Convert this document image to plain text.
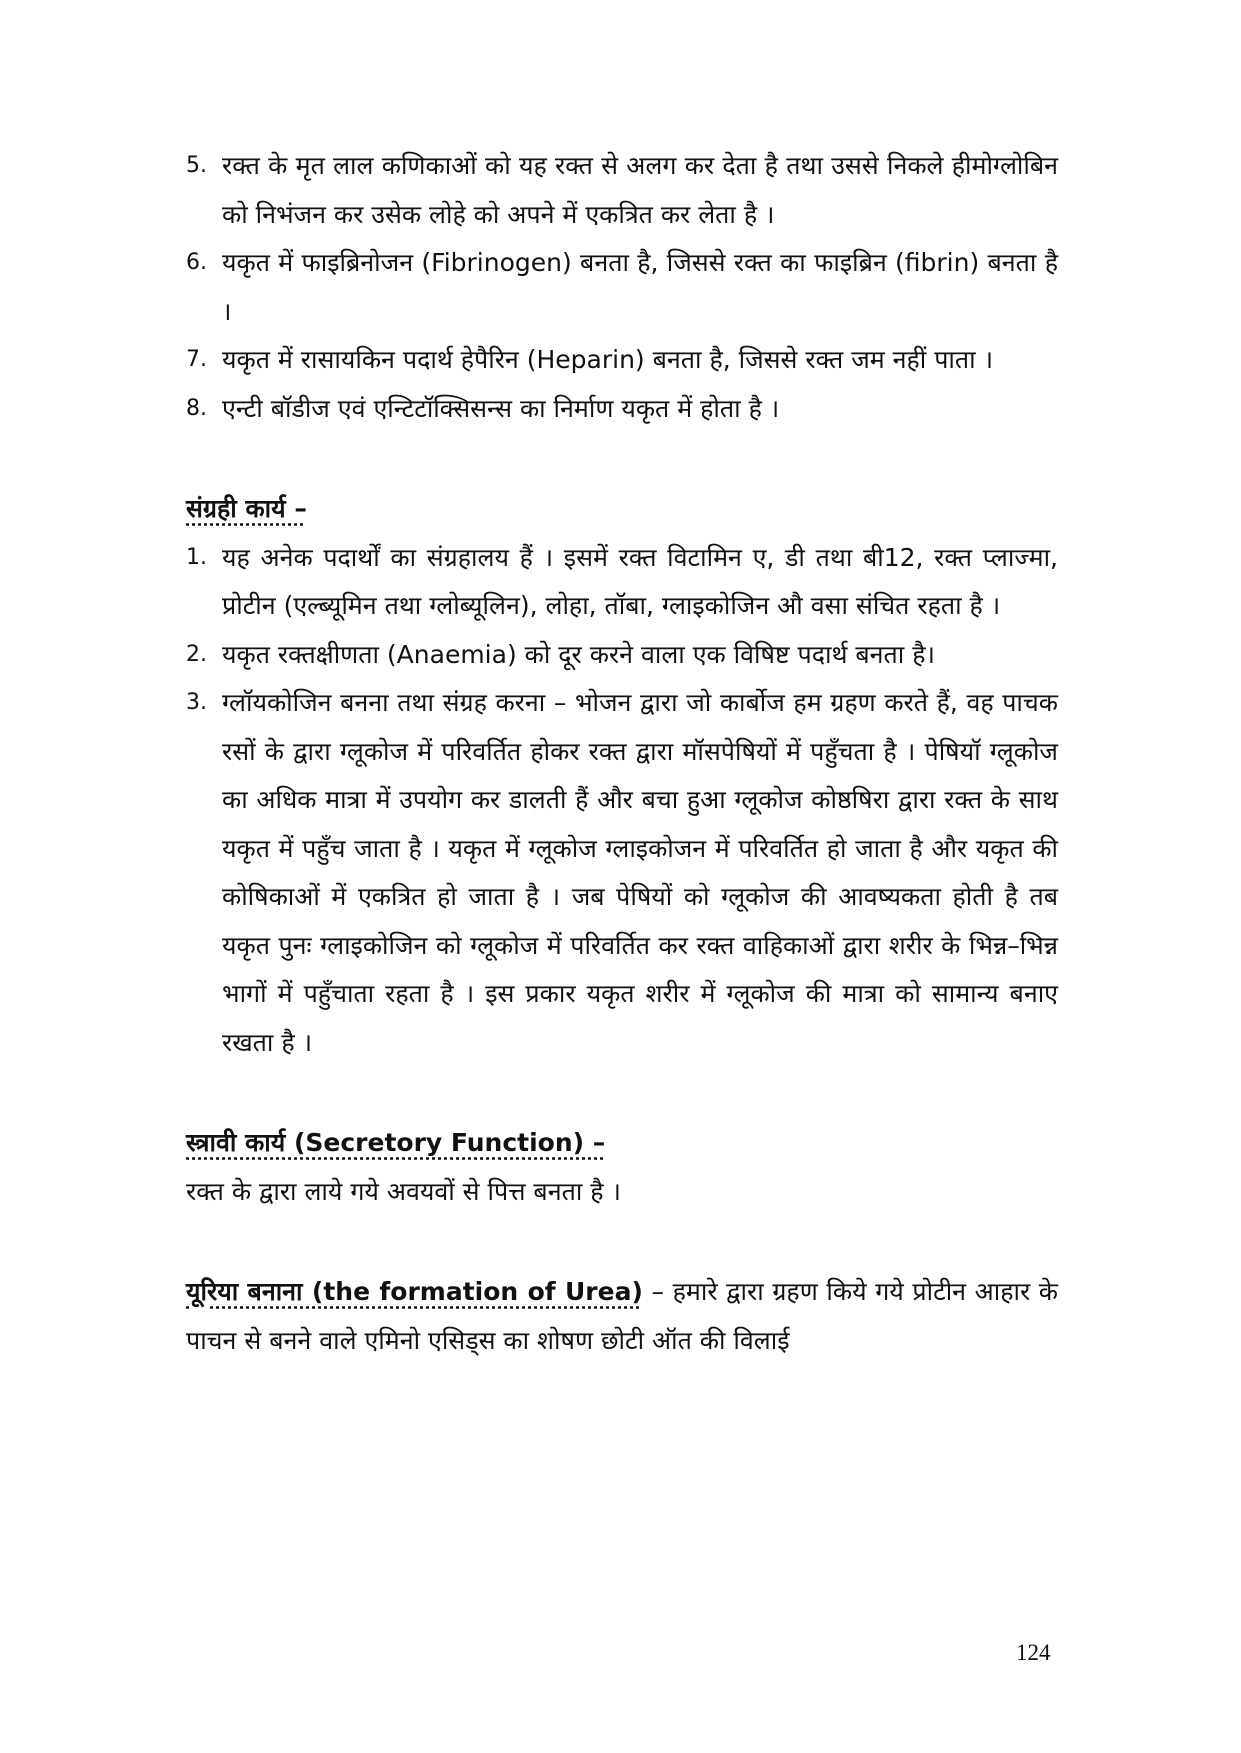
5. रक्त के मृत लाल कणिकाओं को यह रक्त से अलग कर देता है तथा उससे निकले हीमोग्लोबिन को निभंजन कर उसेक लोहे को अपने में एकत्रित कर लेता है ।
6. यकृत में फाइब्रिनोजन (Fibrinogen) बनता है, जिससे रक्त का फाइब्रिन (fibrin) बनता है ।
7. यकृत में रासायकिन पदार्थ हेपैरिन (Heparin) बनता है, जिससे रक्त जम नहीं पाता ।
8. एन्टी बॉडीज एवं एन्टिटॉक्सिसन्स का निर्माण यकृत में होता है ।
संग्रही कार्य –
1. यह अनेक पदार्थों का संग्रहालय हैं । इसमें रक्त विटामिन ए, डी तथा बी12, रक्त प्लाज्मा, प्रोटीन (एल्ब्यूमिन तथा ग्लोब्यूलिन), लोहा, तॉबा, ग्लाइकोजिन औ वसा संचित रहता है ।
2. यकृत रक्तक्षीणता (Anaemia) को दूर करने वाला एक विषिष्ट पदार्थ बनता है।
3. ग्लॉयकोजिन बनना तथा संग्रह करना – भोजन द्वारा जो कार्बोज हम ग्रहण करते हैं, वह पाचक रसों के द्वारा ग्लूकोज में परिवर्तित होकर रक्त द्वारा मॉसपेषियों में पहुँचता है । पेषियॉ ग्लूकोज का अधिक मात्रा में उपयोग कर डालती हैं और बचा हुआ ग्लूकोज कोष्ठषिरा द्वारा रक्त के साथ यकृत में पहुँच जाता है । यकृत में ग्लूकोज ग्लाइकोजन में परिवर्तित हो जाता है और यकृत की कोषिकाओं में एकत्रित हो जाता है । जब पेषियों को ग्लूकोज की आवष्यकता होती है तब यकृत पुनः ग्लाइकोजिन को ग्लूकोज में परिवर्तित कर रक्त वाहिकाओं द्वारा शरीर के भिन्न–भिन्न भागों में पहुँचाता रहता है । इस प्रकार यकृत शरीर में ग्लूकोज की मात्रा को सामान्य बनाए रखता है ।
स्त्रावी कार्य (Secretory Function) –
रक्त के द्वारा लाये गये अवयवों से पित्त बनता है ।
यूरिया बनाना (the formation of Urea) – हमारे द्वारा ग्रहण किये गये प्रोटीन आहार के पाचन से बनने वाले एमिनो एसिड्स का शोषण छोटी ऑत की विलाई
124
